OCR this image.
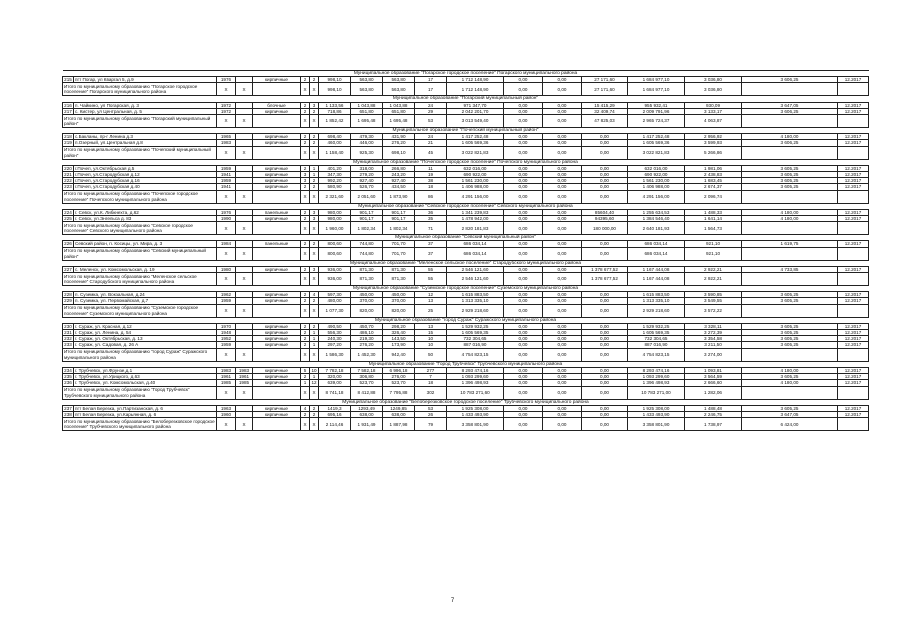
Муниципальное образование "Погарское городское поселение" Погарского муниципального района																		
215	пгт Погар, ул Кваргал 5, д.9	1976		кирпичные	2	2	998,10	563,80	563,80	17	1 712 148,90	0,00	0,00	27 171,60	1 684 977,10	3 036,80	3 606,25	12.2017
Итого по муниципальному образованию "Погарское городское поселение" Погарского муниципального района		X	X		X	X	998,10	563,80	563,80	17	1 712 148,90	0,00	0,00	27 171,60	1 684 977,10	3 036,80		
Муниципальное образование "Погарский муниципальный район"																		
216	п. Чайкино, ул Погарская, д. 3	1972		блочные	2	3	1 133,56	1 043,88	1 043,88	24	971 347,70	0,00	0,00	15 415,29	955 932,41	930,09	3 647,05	12.2017
217	с. Кистер, ул Центральная, д. 5	1972		кирпичные	2	2	718,86	651,80	651,80	29	2 042 201,70	0,00	0,00	32 409,74	2 009 791,96	3 133,17	3 606,25	12.2017
Итого по муниципальному образованию "Погарский муниципальный район"		X	X		X	X	1 852,42	1 695,48	1 695,48	53	3 013 549,40	0,00	0,00	47 825,03	2 965 724,37	4 063,87		
Муниципальное образование "Почепский муниципальный район"																		
218	с.Бакланы, пр-г Ленина д.3	1965		кирпичные	2	2	698,40	479,30	431,90	24	1 417 252,48	0,00	0,00	0,00	1 417 252,48	2 956,92	4 180,00	12.2017
219	п.Озерный, ул.Центральная д.8	1983		кирпичные	2	2	460,00	446,00	276,20	21	1 605 569,36	0,00	0,00	0,00	1 605 569,36	3 599,93	3 606,25	12.2017
Итого по муниципальному образованию "Почепский муниципальный район"		X	X		X	X	1 158,40	925,30	698,10	45	3 022 821,83	0,00	0,00	0,00	3 022 821,83	5 266,86		
Муниципальное образование "Почепское городское поселение" Почепского муниципального района																		
220	г.Почеп, ул.Октябрьская д.5	1959		кирпичные	2	1	401,20	318,00	266,80	11	632 016,00	0,00	0,00	0,00	632 016,00	1 981,06	3 605,25	12.2017
221	г.Почеп, ул.Стародубская д.12	1941		кирпичные	3	1	347,30	279,20	243,20	19	690 922,00	0,00	0,00	0,00	690 922,00	2 438,83	3 605,25	12.2017
222	г.Почеп, ул.Стародубская д.16	1959		кирпичные	3	2	992,20	927,40	927,40	38	1 561 230,00	0,00	0,00	0,00	1 561 230,00	1 683,45	3 605,25	12.2017
223	г.Почеп, ул.Стародубская д.40	1941		кирпичные	2	2	580,90	526,70	434,50	18	1 406 988,00	0,00	0,00	0,00	1 406 988,00	2 674,37	3 605,25	12.2017
Итого по муниципальному образованию "Почепское городское поселение" Почепского муниципального района		X	X		X	X	2 321,60	2 051,60	1 873,90	86	4 291 156,00	0,00	0,00	0,00	4 291 156,00	2 096,74		
Муниципальное образование "Севское городское поселение" Севского муниципального района																		
224	г. Севск, ул.К. Либкнехта, д.62	1976		панельные	2	3	980,00	901,17	901,17	36	1 341 239,83	0,00	0,00	85604,40	1 255 634,53	1 488,33	4 180,00	12.2017
225	г. Севск, ул.Энгельса д. 83	1990		кирпичные	2	3	980,00	901,17	901,17	35	1 478 942,00	0,00	0,00	94395,60	1 384 546,40	1 641,14	4 180,00	12.2017
Итого по муниципальному образованию "Севское городское поселение" Севского муниципального района		X	X		X	X	1 960,00	1 802,34	1 802,34	71	2 820 181,83	0,00	0,00	180 000,00	2 640 181,93	1 564,73		
Муниципальное образование "Севский муниципальный район"																		
226	Севский район, п. Косицы, ул. Мира, д. 3	1984		панельные	2	2	800,60	744,80	701,70	37	686 034,14	0,00	0,00	0,00	686 034,14	921,10	1 619,75	12.2017
Итого по муниципальному образованию "Севский муниципальный район"		X	X		X	X	800,60	744,80	701,70	37	686 034,14	0,00	0,00	0,00	686 034,14	921,10		
Муниципальное образование "Меленское сельское поселение" Стародубского муниципального района																		
227	с. Меленск, ул. Комсомольская, д. 19	1980		кирпичные	2	3	936,00	871,30	871,30	55	2 546 121,60	0,00	0,00	1 378 677,52	1 167 444,08	2 922,21	4 733,85	12.2017
Итого по муниципальному образованию "Меленское сельское поселение" Стародубского муниципального района		X	X		X	X	936,00	871,30	871,30	55	2 546 121,60	0,00	0,00	1 378 677,52	1 167 444,08	2 922,21		
Муниципальное образование "Суземское городское поселение" Суземского муниципального района																		
228	п. Суземка, ул. Вокзальная, д.24	1962		кирпичные	2	4	597,30	450,00	450,00	12	1 615 883,50	0,00	0,00	0,00	1 615 883,50	3 590,85	3 605,25	12.2017
229	п. Суземка, ул. Первомайская, д.7	1959		кирпичные	2	2	480,00	370,00	370,00	13	1 313 335,10	0,00	0,00	0,00	1 313 335,10	3 549,55	3 605,25	12.2017
Итого по муниципальному образованию "Суземское городское поселение" Суземского муниципального района		X	X		X	X	1 077,30	820,00	820,00	25	2 929 218,60	0,00	0,00	0,00	2 929 218,60	3 572,22		
Муниципальное образование "город Сураж" Суражского муниципального района																		
230	г. Сураж, ул. Красная, д.12	1970		кирпичные	2	2	490,50	450,70	298,20	13	1 529 932,25	0,00	0,00	0,00	1 529 932,25	3 328,11	3 605,25	12.2017
231	г. Сураж, ул. Ленина, д. 54	1948		кирпичные	2	1	556,30	486,10	326,40	15	1 605 569,35	0,00	0,00	0,00	1 605 569,35	3 272,39	3 605,25	12.2017
232	г. Сураж, ул. Октябрьская, д. 13	1952		кирпичные	2	1	240,30	219,30	143,50	10	732 304,65	0,00	0,00	0,00	732 304,65	3 354,58	3 605,25	12.2017
233	г. Сураж, ул. Садовая, д. 26 А	1959		кирпичные	2	1	297,20	276,20	173,90	10	887 016,90	0,00	0,00	0,00	887 016,90	3 211,50	3 605,25	12.2017
Итого по муниципальному образованию "город Сураж" Суражского муниципального района		X	X		X	X	1 586,30	1 452,30	942,40	50	4 754 823,15	0,00	0,00	0,00	4 754 823,15	3 274,00		
Муниципальное образование "Город Трубчевск" Трубчевского муниципального района																		
234	г. Трубчевск, ул.Фрунзе,д.1	1983	1983	кирпичные	5	10	7 782,18	7 582,18	6 996,18	277	8 293 474,16	0,00	0,00	0,00	8 293 474,16	1 093,81	4 180,00	12.2017
235	г. Трубчевск, ул.Урицкого, д.63	1961	1961	кирпичные	2	1	320,00	306,80	276,00	7	1 093 299,60	0,00	0,00	0,00	1 093 299,60	3 564,59	3 605,25	12.2017
236	г. Трубчевск, ул. Комсомольская, д.40	1985	1985	кирпичные	1	12	639,00	523,70	523,70	18	1 396 498,93	0,00	0,00	0,00	1 396 498,93	2 666,60	4 180,00	12.2017
Итого по муниципальному образованию "Город Трубчевск" Трубчевского муниципального района		X	X		X	X	8 741,18	8 412,88	7 795,88	302	10 783 271,60	0,00	0,00	0,00	10 783 271,00	1 282,06		
Муниципальное образование "Белоберезковское городское поселение" Трубчевского муниципального района																		
237	пгт Белая Березка, ул.Партизанская, д. 6	1963		кирпичные	4	2	1419,3	1293,49	1249,85	53	1 925 308,00	0,00	0,00	0,00	1 925 308,00	1 488,48	3 605,25	12.2017
238	пгт Белая Березка, ул.Карьянная, д. 6	1960		кирпичные	2	2	695,16	638,00	638,00	26	1 433 493,90	0,00	0,00	0,00	1 433 493,90	2 246,75	3 647,05	12.2017
Итого по муниципальному образованию "Белоберезковское городское поселение" Трубчевского муниципального района		X	X		X	X	2 114,46	1 931,49	1 887,98	79	3 358 801,90	0,00	0,00	0,00	3 358 801,90	1 738,97	6 424,00	
7
